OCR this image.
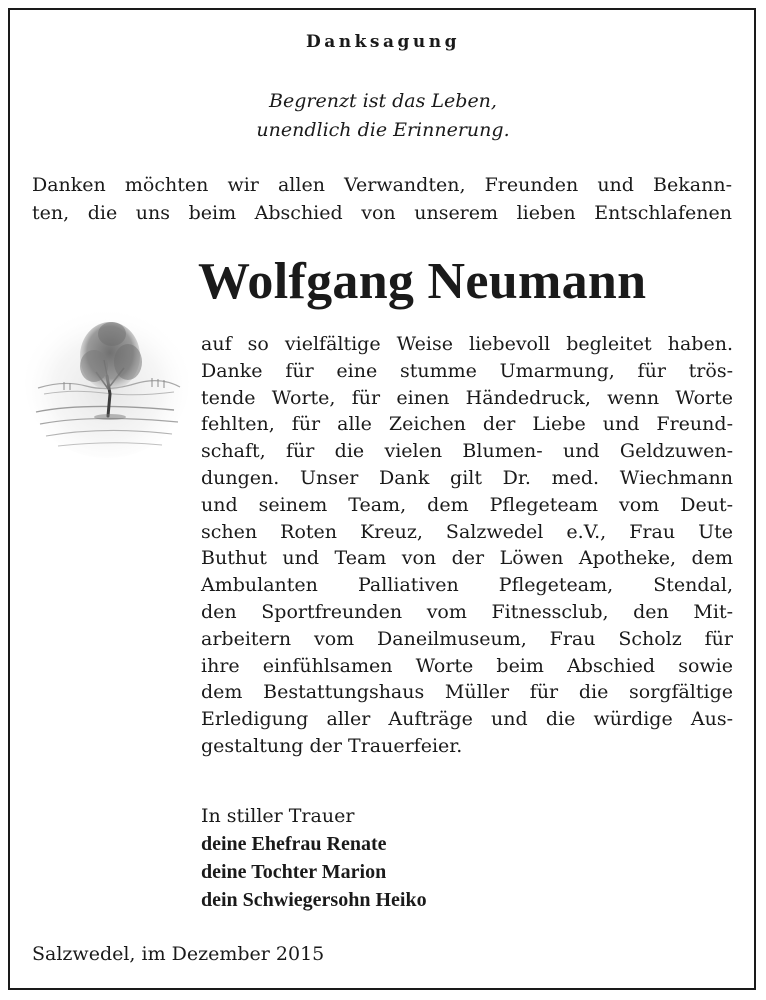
Danksagung
Begrenzt ist das Leben,
unendlich die Erinnerung.
Danken möchten wir allen Verwandten, Freunden und Bekann-
ten, die uns beim Abschied von unserem lieben Entschlafenen
Wolfgang Neumann
auf so vielfältige Weise liebevoll begleitet haben.
Danke für eine stumme Umarmung, für trös-
tende Worte, für einen Händedruck, wenn Worte
fehlten, für alle Zeichen der Liebe und Freund-
schaft, für die vielen Blumen- und Geldzuwen-
dungen. Unser Dank gilt Dr. med. Wiechmann
und seinem Team, dem Pflegeteam vom Deut-
schen Roten Kreuz, Salzwedel e.V., Frau Ute
Buthut und Team von der Löwen Apotheke, dem
Ambulanten Palliativen Pflegeteam, Stendal,
den Sportfreunden vom Fitnessclub, den Mit-
arbeitern vom Daneilmuseum, Frau Scholz für
ihre einfühlsamen Worte beim Abschied sowie
dem Bestattungshaus Müller für die sorgfältige
Erledigung aller Aufträge und die würdige Aus-
gestaltung der Trauerfeier.
In stiller Trauer
deine Ehefrau Renate
deine Tochter Marion
dein Schwiegersohn Heiko
Salzwedel, im Dezember 2015
